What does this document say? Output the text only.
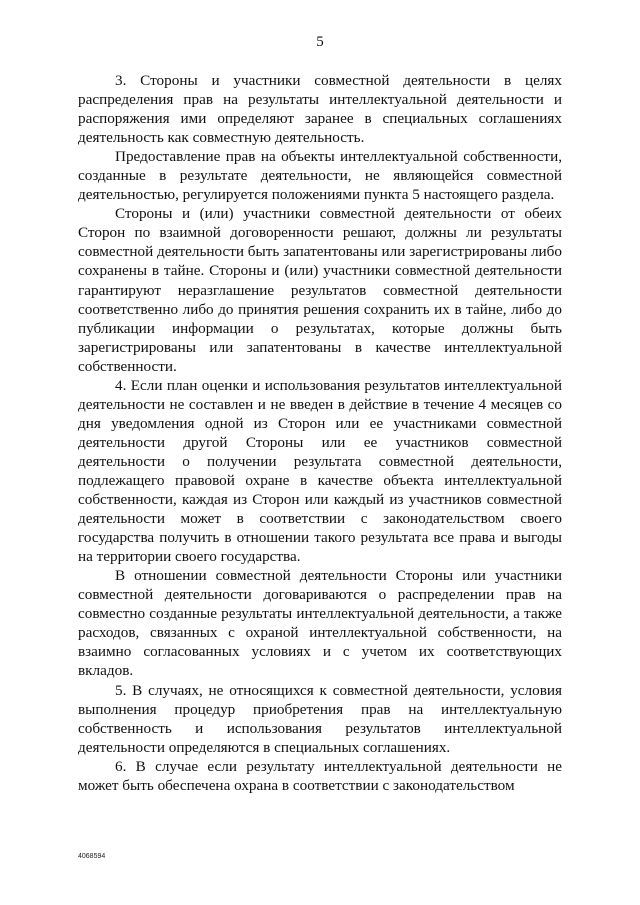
5

3. Стороны и участники совместной деятельности в целях распределения прав на результаты интеллектуальной деятельности и распоряжения ими определяют заранее в специальных соглашениях деятельность как совместную деятельность.

Предоставление прав на объекты интеллектуальной собственности, созданные в результате деятельности, не являющейся совместной деятельностью, регулируется положениями пункта 5 настоящего раздела.

Стороны и (или) участники совместной деятельности от обеих Сторон по взаимной договоренности решают, должны ли результаты совместной деятельности быть запатентованы или зарегистрированы либо сохранены в тайне. Стороны и (или) участники совместной деятельности гарантируют неразглашение результатов совместной деятельности соответственно либо до принятия решения сохранить их в тайне, либо до публикации информации о результатах, которые должны быть зарегистрированы или запатентованы в качестве интеллектуальной собственности.

4. Если план оценки и использования результатов интеллектуальной деятельности не составлен и не введен в действие в течение 4 месяцев со дня уведомления одной из Сторон или ее участниками совместной деятельности другой Стороны или ее участников совместной деятельности о получении результата совместной деятельности, подлежащего правовой охране в качестве объекта интеллектуальной собственности, каждая из Сторон или каждый из участников совместной деятельности может в соответствии с законодательством своего государства получить в отношении такого результата все права и выгоды на территории своего государства.

В отношении совместной деятельности Стороны или участники совместной деятельности договариваются о распределении прав на совместно созданные результаты интеллектуальной деятельности, а также расходов, связанных с охраной интеллектуальной собственности, на взаимно согласованных условиях и с учетом их соответствующих вкладов.

5. В случаях, не относящихся к совместной деятельности, условия выполнения процедур приобретения прав на интеллектуальную собственность и использования результатов интеллектуальной деятельности определяются в специальных соглашениях.

6. В случае если результату интеллектуальной деятельности не может быть обеспечена охрана в соответствии с законодательством

4068594
